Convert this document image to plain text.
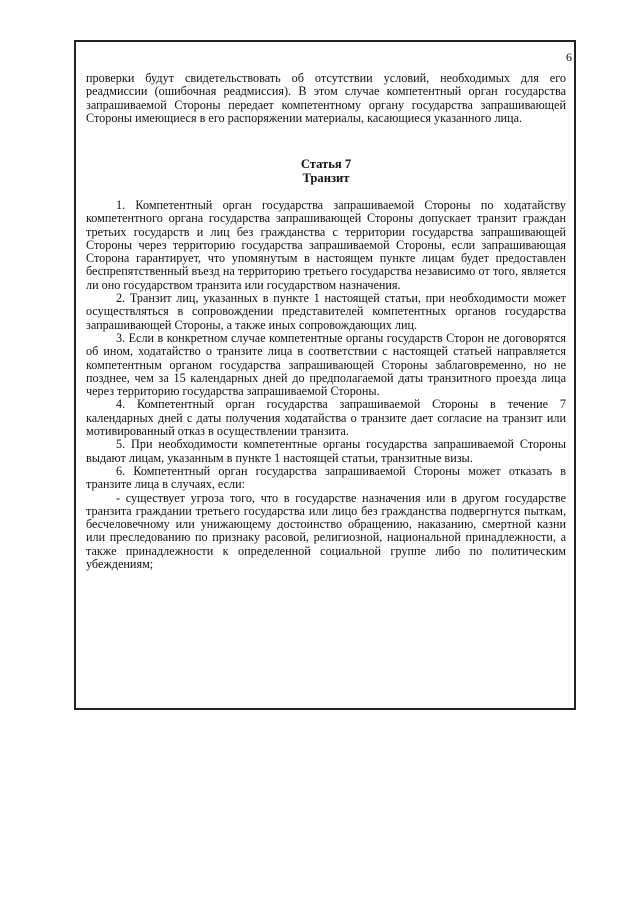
6

проверки будут свидетельствовать об отсутствии условий, необходимых для его реадмиссии (ошибочная реадмиссия). В этом случае компетентный орган государства запрашиваемой Стороны передает компетентному органу государства запрашивающей Стороны имеющиеся в его распоряжении материалы, касающиеся указанного лица.

Статья 7
Транзит

1. Компетентный орган государства запрашиваемой Стороны по ходатайству компетентного органа государства запрашивающей Стороны допускает транзит граждан третьих государств и лиц без гражданства с территории государства запрашивающей Стороны через территорию государства запрашиваемой Стороны, если запрашивающая Сторона гарантирует, что упомянутым в настоящем пункте лицам будет предоставлен беспрепятственный въезд на территорию третьего государства независимо от того, является ли оно государством транзита или государством назначения.

2. Транзит лиц, указанных в пункте 1 настоящей статьи, при необходимости может осуществляться в сопровождении представителей компетентных органов государства запрашивающей Стороны, а также иных сопровождающих лиц.

3. Если в конкретном случае компетентные органы государств Сторон не договорятся об ином, ходатайство о транзите лица в соответствии с настоящей статьей направляется компетентным органом государства запрашивающей Стороны заблаговременно, но не позднее, чем за 15 календарных дней до предполагаемой даты транзитного проезда лица через территорию государства запрашиваемой Стороны.

4. Компетентный орган государства запрашиваемой Стороны в течение 7 календарных дней с даты получения ходатайства о транзите дает согласие на транзит или мотивированный отказ в осуществлении транзита.

5. При необходимости компетентные органы государства запрашиваемой Стороны выдают лицам, указанным в пункте 1 настоящей статьи, транзитные визы.

6. Компетентный орган государства запрашиваемой Стороны может отказать в транзите лица в случаях, если:

- существует угроза того, что в государстве назначения или в другом государстве транзита граждании третьего государства или лицо без гражданства подвергнутся пыткам, бесчеловечному или унижающему достоинство обращению, наказанию, смертной казни или преследованию по признаку расовой, религиозной, национальной принадлежности, а также принадлежности к определенной социальной группе либо по политическим убеждениям;
